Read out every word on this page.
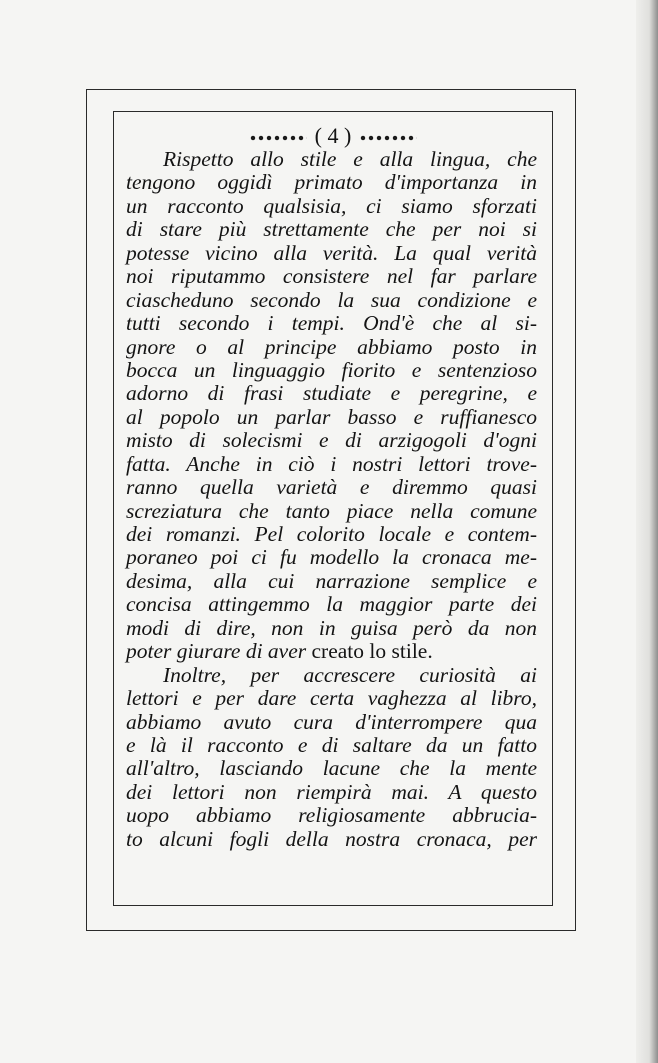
( 4 )
Rispetto allo stile e alla lingua, che
tengono oggidì primato d'importanza in
un racconto qualsisia, ci siamo sforzati
di stare più strettamente che per noi si
potesse vicino alla verità. La qual verità
noi riputammo consistere nel far parlare
ciascheduno secondo la sua condizione e
tutti secondo i tempi. Ond'è che al si-
gnore o al principe abbiamo posto in
bocca un linguaggio fiorito e sentenzioso
adorno di frasi studiate e peregrine, e
al popolo un parlar basso e ruffianesco
misto di solecismi e di arzigogoli d'ogni
fatta. Anche in ciò i nostri lettori trove-
ranno quella varietà e diremmo quasi
screziatura che tanto piace nella comune
dei romanzi. Pel colorito locale e contem-
poraneo poi ci fu modello la cronaca me-
desima, alla cui narrazione semplice e
concisa attingemmo la maggior parte dei
modi di dire, non in guisa però da non
poter giurare di aver creato lo stile.
Inoltre, per accrescere curiosità ai
lettori e per dare certa vaghezza al libro,
abbiamo avuto cura d'interrompere qua
e là il racconto e di saltare da un fatto
all'altro, lasciando lacune che la mente
dei lettori non riempirà mai. A questo
uopo abbiamo religiosamente abbrucia-
to alcuni fogli della nostra cronaca, per
